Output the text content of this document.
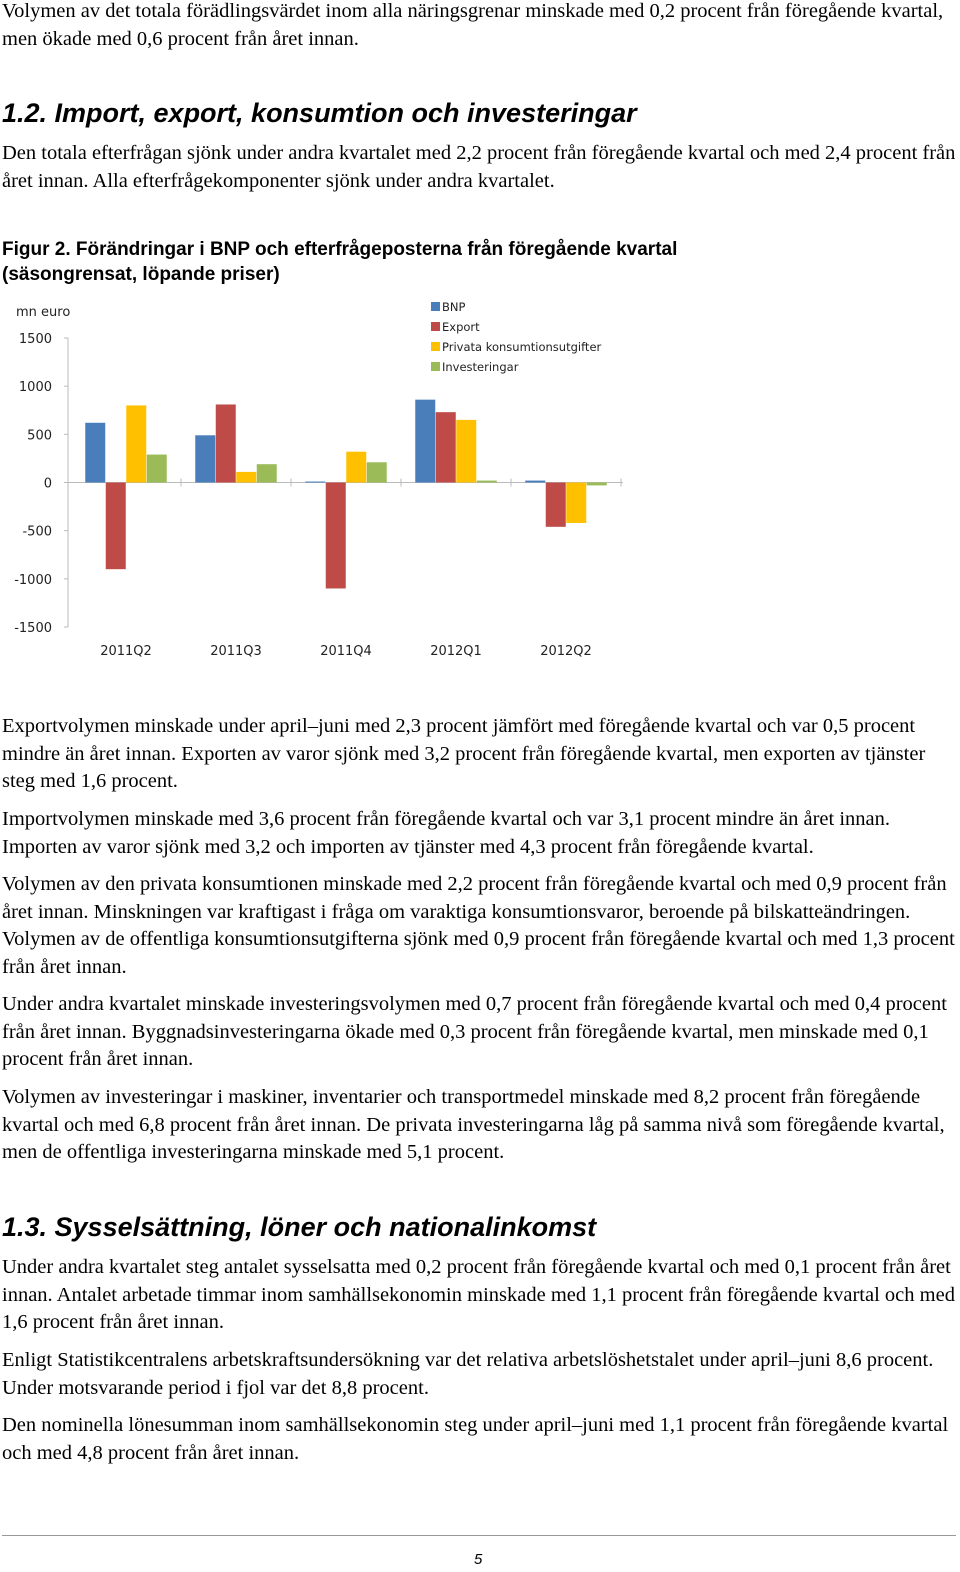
Volymen av det totala förädlingsvärdet inom alla näringsgrenar minskade med 0,2 procent från föregående kvartal, men ökade med 0,6 procent från året innan.

1.2. Import, export, konsumtion och investeringar

Den totala efterfrågan sjönk under andra kvartalet med 2,2 procent från föregående kvartal och med 2,4 procent från året innan. Alla efterfrågekomponenter sjönk under andra kvartalet.

Figur 2. Förändringar i BNP och efterfrågeposterna från föregående kvartal (säsongrensat, löpande priser)

mn euro
1500
1000
500
0
-500
-1000
-1500
2011Q2	2011Q3	2011Q4	2012Q1	2012Q2
BNP
Export
Privata konsumtionsutgifter
Investeringar

Exportvolymen minskade under april–juni med 2,3 procent jämfört med föregående kvartal och var 0,5 procent mindre än året innan. Exporten av varor sjönk med 3,2 procent från föregående kvartal, men exporten av tjänster steg med 1,6 procent.

Importvolymen minskade med 3,6 procent från föregående kvartal och var 3,1 procent mindre än året innan. Importen av varor sjönk med 3,2 och importen av tjänster med 4,3 procent från föregående kvartal.

Volymen av den privata konsumtionen minskade med 2,2 procent från föregående kvartal och med 0,9 procent från året innan. Minskningen var kraftigast i fråga om varaktiga konsumtionsvaror, beroende på bilskatteändringen. Volymen av de offentliga konsumtionsutgifterna sjönk med 0,9 procent från föregående kvartal och med 1,3 procent från året innan.

Under andra kvartalet minskade investeringsvolymen med 0,7 procent från föregående kvartal och med 0,4 procent från året innan. Byggnadsinvesteringarna ökade med 0,3 procent från föregående kvartal, men minskade med 0,1 procent från året innan.

Volymen av investeringar i maskiner, inventarier och transportmedel minskade med 8,2 procent från föregående kvartal och med 6,8 procent från året innan. De privata investeringarna låg på samma nivå som föregående kvartal, men de offentliga investeringarna minskade med 5,1 procent.

1.3. Sysselsättning, löner och nationalinkomst

Under andra kvartalet steg antalet sysselsatta med 0,2 procent från föregående kvartal och med 0,1 procent från året innan. Antalet arbetade timmar inom samhällsekonomin minskade med 1,1 procent från föregående kvartal och med 1,6 procent från året innan.

Enligt Statistikcentralens arbetskraftsundersökning var det relativa arbetslöshetstalet under april–juni 8,6 procent. Under motsvarande period i fjol var det 8,8 procent.

Den nominella lönesumman inom samhällsekonomin steg under april–juni med 1,1 procent från föregående kvartal och med 4,8 procent från året innan.

5
